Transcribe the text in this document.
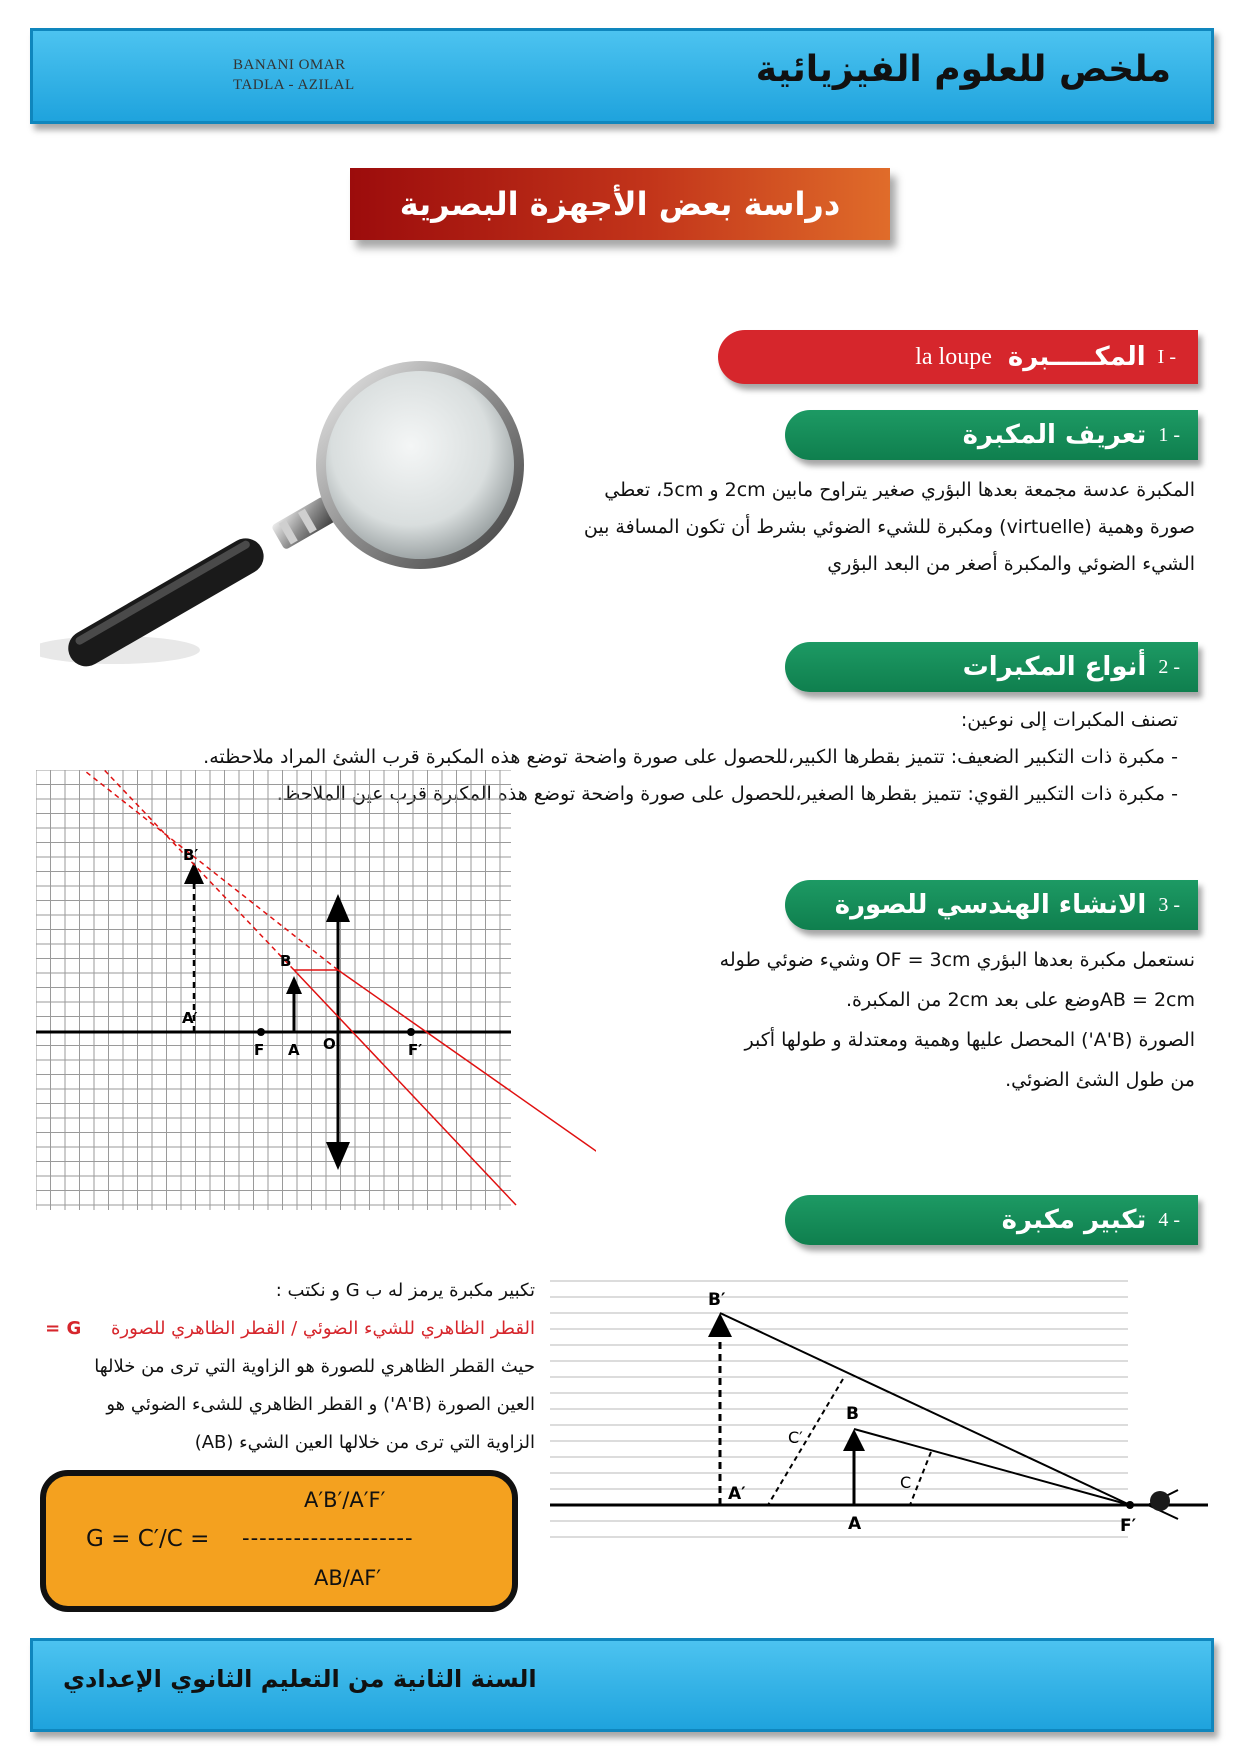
BANANI OMAR
TADLA - AZILAL	ملخص للعلوم الفيزيائية
دراسة بعض الأجهزة البصرية
la loupe المكـــــبرة I -
تعريف المكبرة 1 -
المكبرة عدسة مجمعة بعدها البؤري صغير يتراوح مابين 2cm و 5cm، تعطي
صورة وهمية (virtuelle) ومكبرة للشيء الضوئي بشرط أن تكون المسافة بين
الشيء الضوئي والمكبرة أصغر من البعد البؤري
أنواع المكبرات 2 -
تصنف المكبرات إلى نوعين:
- مكبرة ذات التكبير الضعيف: تتميز بقطرها الكبير،للحصول على صورة واضحة توضع هذه المكبرة قرب الشئ المراد ملاحظته.
- مكبرة ذات التكبير القوي: تتميز بقطرها الصغير،للحصول على صورة واضحة توضع هذه المكبرة قرب عين الملاحظ.
B′
A′
B
F A O	F′
الانشاء الهندسي للصورة 3 -
نستعمل مكبرة بعدها البؤري OF = 3cm وشيء ضوئي طوله
AB = 2cmوضع على بعد 2cm من المكبرة.
الصورة (A'B') المحصل عليها وهمية ومعتدلة و طولها أكبر
من طول الشئ الضوئي.
تكبير مكبرة 4 -
تكبير مكبرة يرمز له ب G و نكتب :
القطر الظاهري للشيء الضوئي / القطر الظاهري للصورة G =
حيث القطر الظاهري للصورة هو الزاوية التي ترى من خلالها
العين الصورة (A'B') و القطر الظاهري للشىء الضوئي هو
الزاوية التي ترى من خلالها العين الشيء (AB)
B′
B
C′
C
A′
A	F′
A′B′/A′F′
G = C′/C = --------------------
AB/AF′
السنة الثانية من التعليم الثانوي الإعدادي
